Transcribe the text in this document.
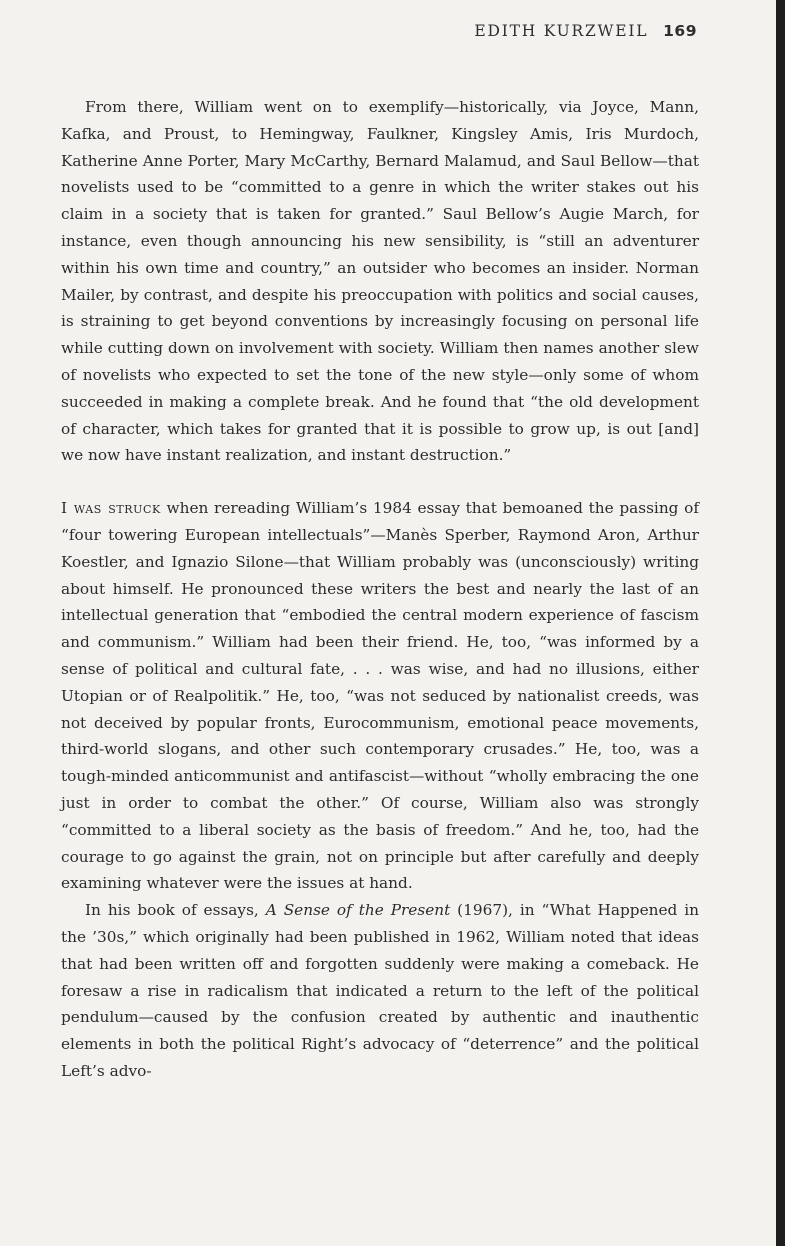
EDITH KURZWEIL 169

From there, William went on to exemplify—historically, via Joyce, Mann, Kafka, and Proust, to Hemingway, Faulkner, Kingsley Amis, Iris Murdoch, Katherine Anne Porter, Mary McCarthy, Bernard Malamud, and Saul Bellow—that novelists used to be “committed to a genre in which the writer stakes out his claim in a society that is taken for granted.” Saul Bellow’s Augie March, for instance, even though announcing his new sensibility, is “still an adventurer within his own time and country,” an outsider who becomes an insider. Norman Mailer, by contrast, and despite his preoccupation with politics and social causes, is straining to get beyond conventions by increasingly focusing on personal life while cutting down on involvement with society. William then names another slew of novelists who expected to set the tone of the new style—only some of whom succeeded in making a complete break. And he found that “the old development of character, which takes for granted that it is possible to grow up, is out [and] we now have instant realization, and instant destruction.”

I was struck when rereading William’s 1984 essay that bemoaned the passing of “four towering European intellectuals”—Manès Sperber, Raymond Aron, Arthur Koestler, and Ignazio Silone—that William probably was (unconsciously) writing about himself. He pronounced these writers the best and nearly the last of an intellectual generation that “embodied the central modern experience of fascism and communism.” William had been their friend. He, too, “was informed by a sense of political and cultural fate, . . . was wise, and had no illusions, either Utopian or of Realpolitik.” He, too, “was not seduced by nationalist creeds, was not deceived by popular fronts, Eurocommunism, emotional peace movements, third-world slogans, and other such contemporary crusades.” He, too, was a tough-minded anticommunist and antifascist—without “wholly embracing the one just in order to combat the other.” Of course, William also was strongly “committed to a liberal society as the basis of freedom.” And he, too, had the courage to go against the grain, not on principle but after carefully and deeply examining whatever were the issues at hand.

In his book of essays, A Sense of the Present (1967), in “What Happened in the ’30s,” which originally had been published in 1962, William noted that ideas that had been written off and forgotten suddenly were making a comeback. He foresaw a rise in radicalism that indicated a return to the left of the political pendulum—caused by the confusion created by authentic and inauthentic elements in both the political Right’s advocacy of “deterrence” and the political Left’s advo-
